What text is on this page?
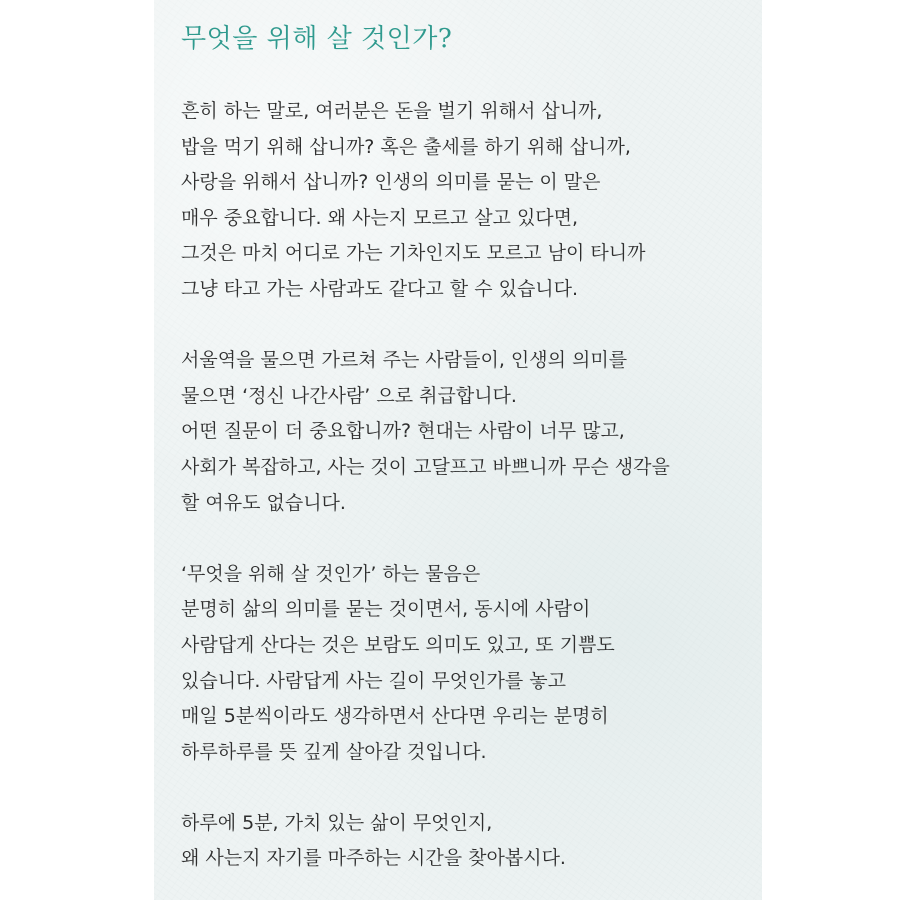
무엇을 위해 살 것인가?
흔히 하는 말로, 여러분은 돈을 벌기 위해서 삽니까,
밥을 먹기 위해 삽니까? 혹은 출세를 하기 위해 삽니까,
사랑을 위해서 삽니까? 인생의 의미를 묻는 이 말은
매우 중요합니다. 왜 사는지 모르고 살고 있다면,
그것은 마치 어디로 가는 기차인지도 모르고 남이 타니까
그냥 타고 가는 사람과도 같다고 할 수 있습니다.
서울역을 물으면 가르쳐 주는 사람들이, 인생의 의미를
물으면 ‘정신 나간사람’ 으로 취급합니다.
어떤 질문이 더 중요합니까? 현대는 사람이 너무 많고,
사회가 복잡하고, 사는 것이 고달프고 바쁘니까 무슨 생각을
할 여유도 없습니다.
‘무엇을 위해 살 것인가’ 하는 물음은
분명히 삶의 의미를 묻는 것이면서, 동시에 사람이
사람답게 산다는 것은 보람도 의미도 있고, 또 기쁨도
있습니다. 사람답게 사는 길이 무엇인가를 놓고
매일 5분씩이라도 생각하면서 산다면 우리는 분명히
하루하루를 뜻 깊게 살아갈 것입니다.
하루에 5분, 가치 있는 삶이 무엇인지,
왜 사는지 자기를 마주하는 시간을 찾아봅시다.
